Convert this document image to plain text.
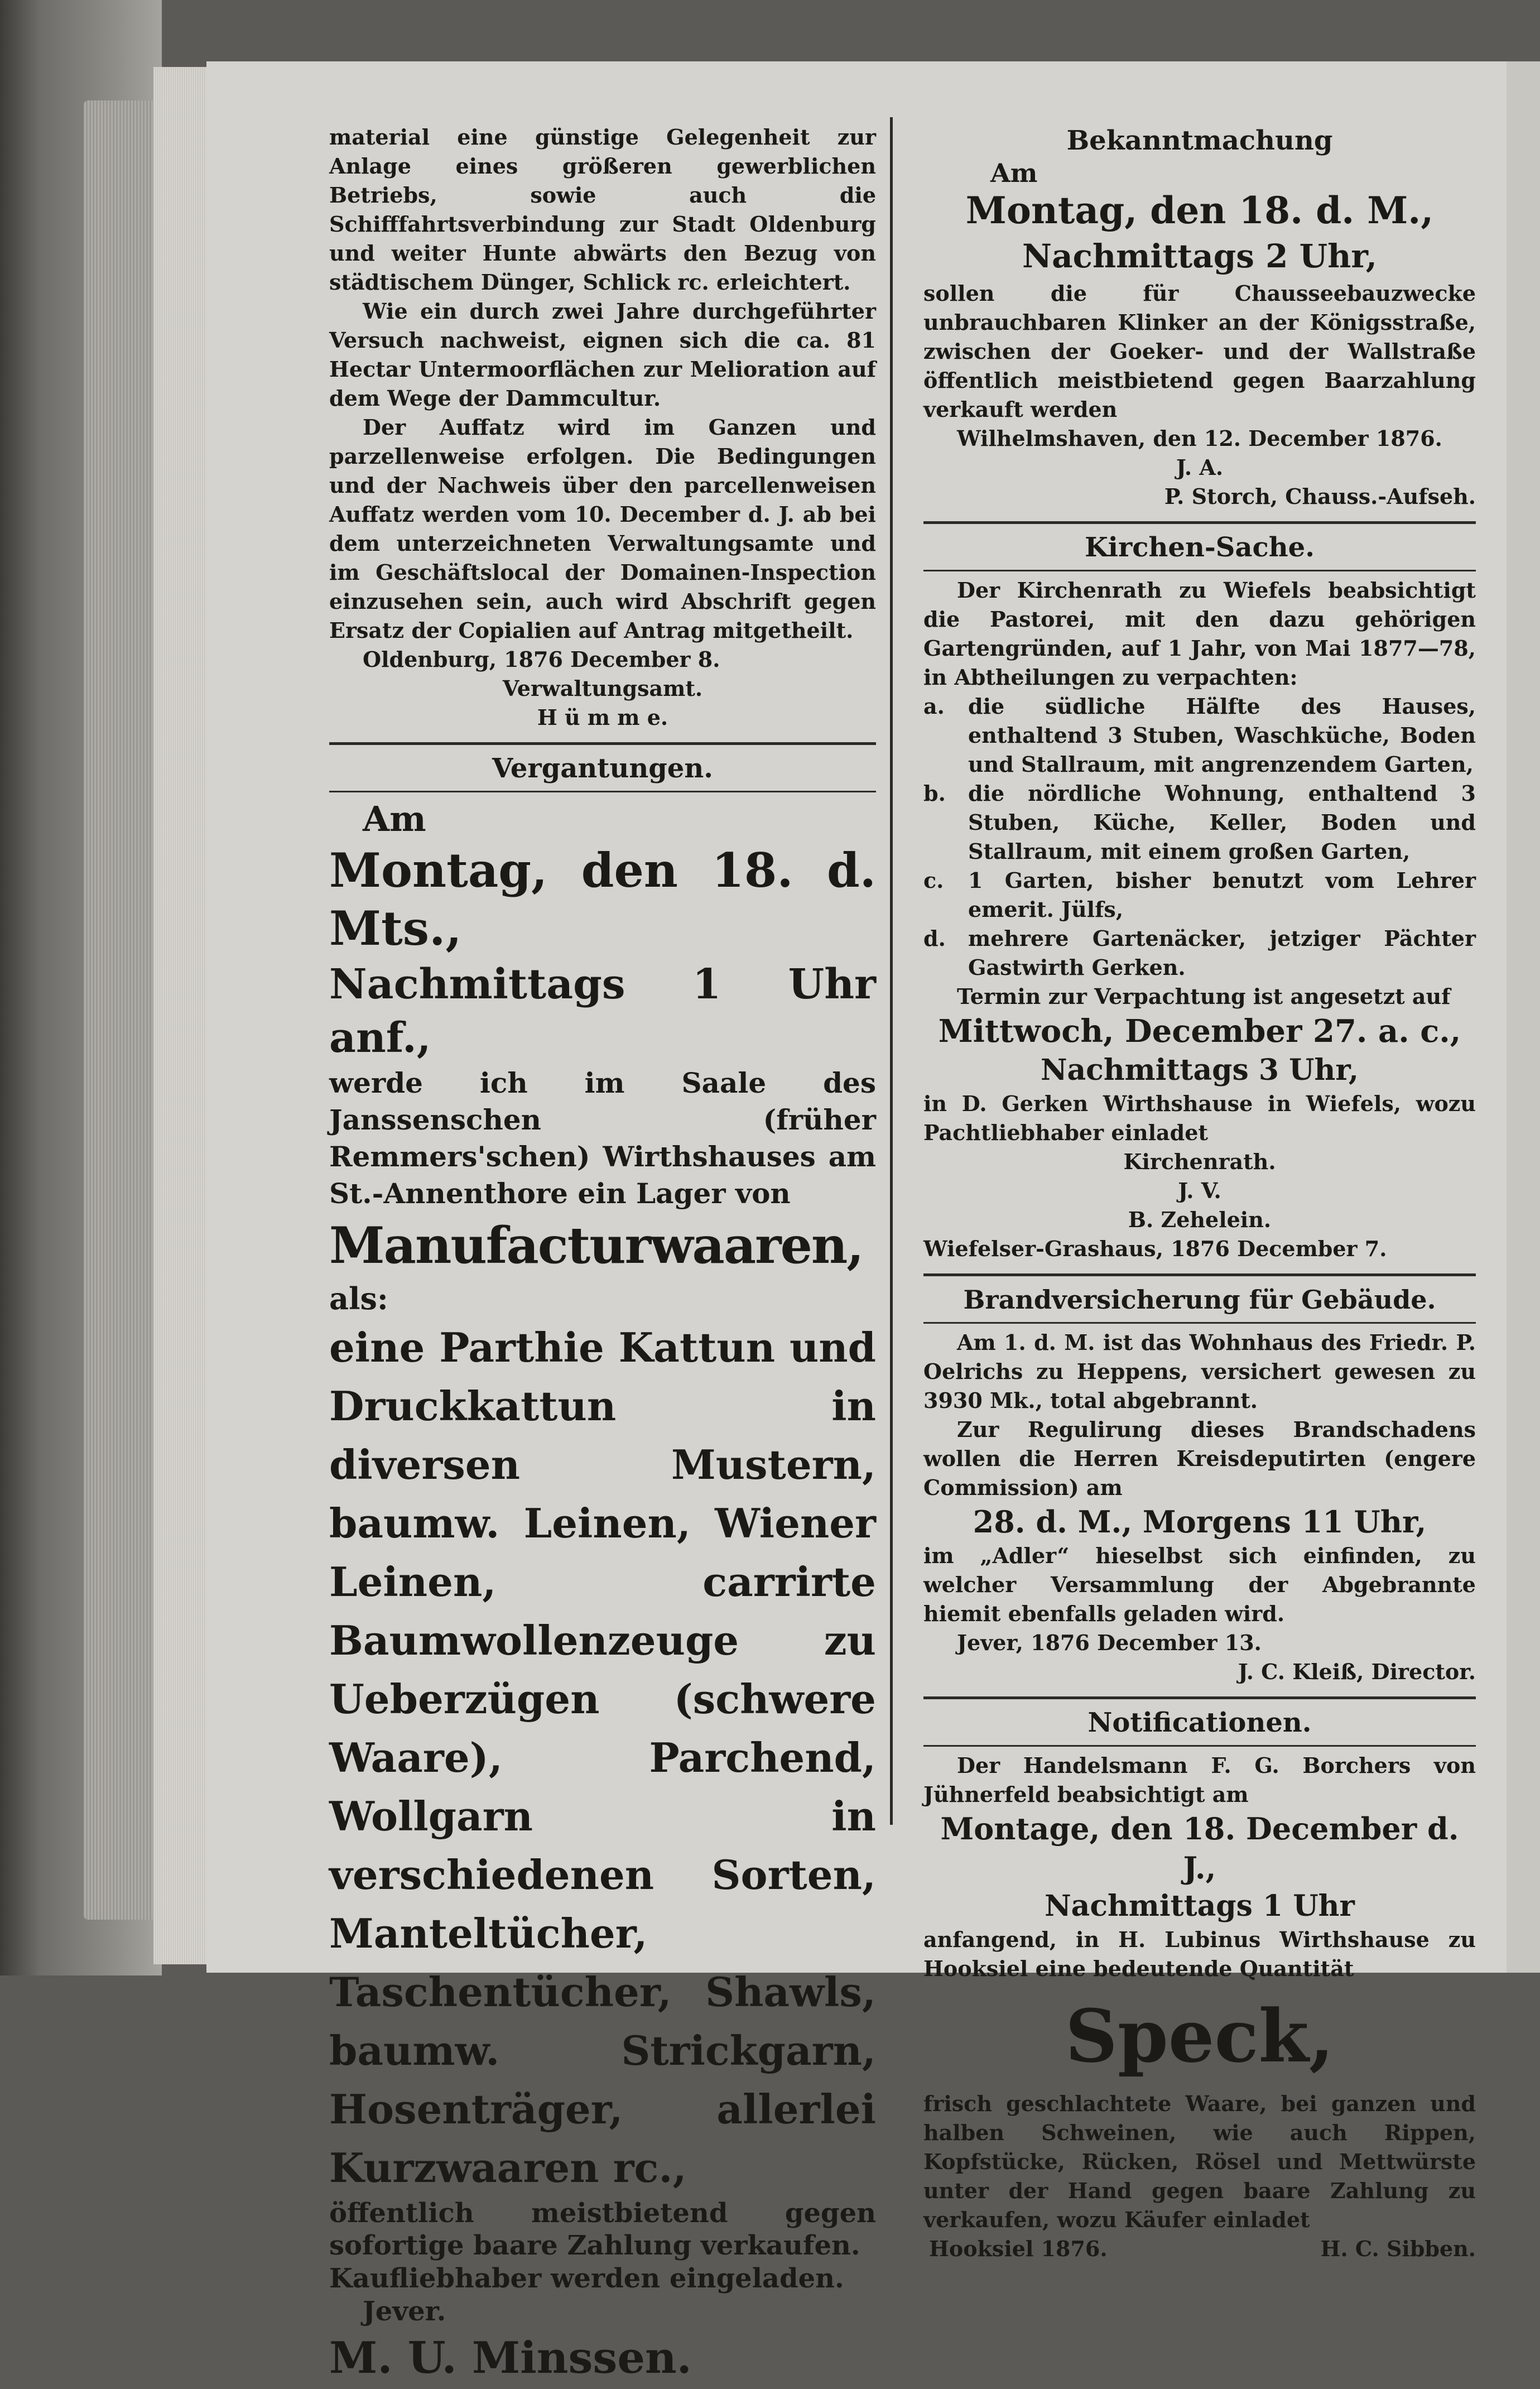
material eine günstige Gelegenheit zur Anlage eines größeren gewerblichen Betriebs, sowie auch die Schifffahrtsverbindung zur Stadt Oldenburg und weiter Hunte abwärts den Bezug von städtischem Dünger, Schlick rc. erleichtert.

Wie ein durch zwei Jahre durchgeführter Versuch nachweist, eignen sich die ca. 81 Hectar Untermoorflächen zur Melioration auf dem Wege der Dammcultur.

Der Auffatz wird im Ganzen und parzellenweise erfolgen. Die Bedingungen und der Nachweis über den parcellenweisen Auffatz werden vom 10. December d. J. ab bei dem unterzeichneten Verwaltungsamte und im Geschäftslocal der Domainen-Inspection einzusehen sein, auch wird Abschrift gegen Ersatz der Copialien auf Antrag mitgetheilt.

Oldenburg, 1876 December 8.

Verwaltungsamt.

H ü m m e.

Vergantungen.

Am

Montag, den 18. d. Mts.,

Nachmittags 1 Uhr anf.,

werde ich im Saale des Janssenschen (früher Remmers'schen) Wirthshauses am St.-Annenthore ein Lager von

Manufacturwaaren,

als:

eine Parthie Kattun und Druckkattun in diversen Mustern, baumw. Leinen, Wiener Leinen, carrirte Baumwollenzeuge zu Ueberzügen (schwere Waare), Parchend, Wollgarn in verschiedenen Sorten, Manteltücher, Taschentücher, Shawls, baumw. Strickgarn, Hosenträger, allerlei Kurzwaaren rc.,

öffentlich meistbietend gegen sofortige baare Zahlung verkaufen.

Kaufliebhaber werden eingeladen.

Jever.

M. U. Minssen.

Bekanntmachung

Am

Montag, den 18. d. M.,

Nachmittags 2 Uhr,

sollen die für Chausseebauzwecke unbrauchbaren Klinker an der Königsstraße, zwischen der Goeker- und der Wallstraße öffentlich meistbietend gegen Baarzahlung verkauft werden

Wilhelmshaven, den 12. December 1876.

J. A.

P. Storch, Chauss.-Aufseh.

Kirchen-Sache.

Der Kirchenrath zu Wiefels beabsichtigt die Pastorei, mit den dazu gehörigen Gartengründen, auf 1 Jahr, von Mai 1877—78, in Abtheilungen zu verpachten:

a.	die südliche Hälfte des Hauses, enthaltend 3 Stuben, Waschküche, Boden und Stallraum, mit angrenzendem Garten,
b.	die nördliche Wohnung, enthaltend 3 Stuben, Küche, Keller, Boden und Stallraum, mit einem großen Garten,
c.	1 Garten, bisher benutzt vom Lehrer emerit. Jülfs,
d.	mehrere Gartenäcker, jetziger Pächter Gastwirth Gerken.

Termin zur Verpachtung ist angesetzt auf

Mittwoch, December 27. a. c.,

Nachmittags 3 Uhr,

in D. Gerken Wirthshause in Wiefels, wozu Pachtliebhaber einladet

Kirchenrath.

J. V.

B. Zehelein.

Wiefelser-Grashaus, 1876 December 7.

Brandversicherung für Gebäude.

Am 1. d. M. ist das Wohnhaus des Friedr. P. Oelrichs zu Heppens, versichert gewesen zu 3930 Mk., total abgebrannt.

Zur Regulirung dieses Brandschadens wollen die Herren Kreisdeputirten (engere Commission) am

28. d. M., Morgens 11 Uhr,

im „Adler“ hieselbst sich einfinden, zu welcher Versammlung der Abgebrannte hiemit ebenfalls geladen wird.

Jever, 1876 December 13.

J. C. Kleiß, Director.

Notificationen.

Der Handelsmann F. G. Borchers von Jühnerfeld beabsichtigt am

Montage, den 18. December d. J.,

Nachmittags 1 Uhr

anfangend, in H. Lubinus Wirthshause zu Hooksiel eine bedeutende Quantität

Speck,

frisch geschlachtete Waare, bei ganzen und halben Schweinen, wie auch Rippen, Kopfstücke, Rücken, Rösel und Mettwürste unter der Hand gegen baare Zahlung zu verkaufen, wozu Käufer einladet

Hooksiel 1876.	H. C. Sibben.
